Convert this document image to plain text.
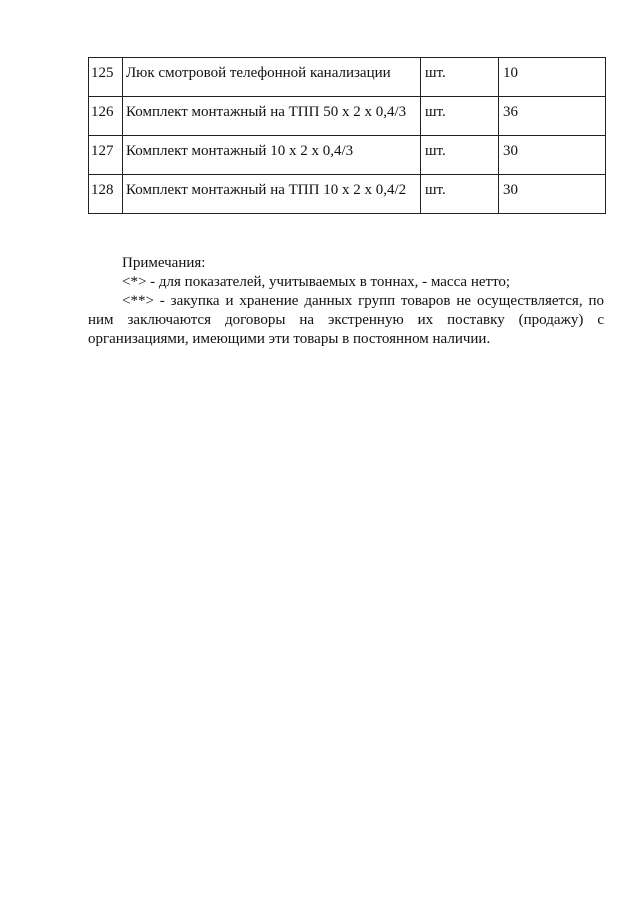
125	Люк смотровой телефонной канализации	шт.	10
126	Комплект монтажный на ТПП 50 x 2 x 0,4/3	шт.	36
127	Комплект монтажный 10 x 2 x 0,4/3	шт.	30
128	Комплект монтажный на ТПП 10 x 2 x 0,4/2	шт.	30

Примечания:

<*> - для показателей, учитываемых в тоннах, - масса нетто;

<**> - закупка и хранение данных групп товаров не осуществляется, по ним заключаются договоры на экстренную их поставку (продажу) с организациями, имеющими эти товары в постоянном наличии.
